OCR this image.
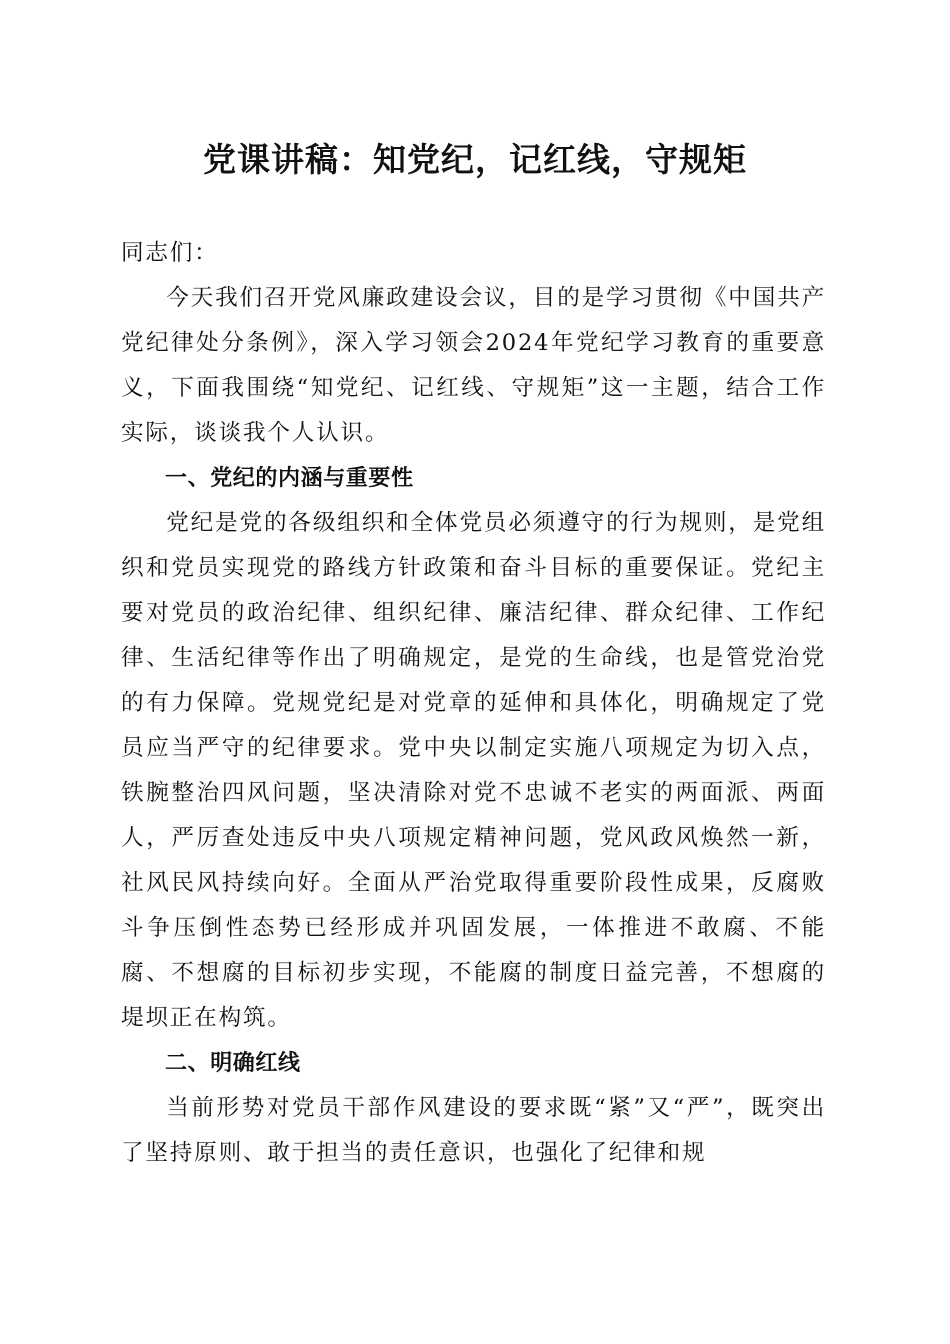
党课讲稿：知党纪，记红线，守规矩

同志们：

今天我们召开党风廉政建设会议，目的是学习贯彻《中国共产党纪律处分条例》，深入学习领会2024年党纪学习教育的重要意义，下面我围绕“知党纪、记红线、守规矩”这一主题，结合工作实际，谈谈我个人认识。

一、党纪的内涵与重要性

党纪是党的各级组织和全体党员必须遵守的行为规则，是党组织和党员实现党的路线方针政策和奋斗目标的重要保证。党纪主要对党员的政治纪律、组织纪律、廉洁纪律、群众纪律、工作纪律、生活纪律等作出了明确规定，是党的生命线，也是管党治党的有力保障。党规党纪是对党章的延伸和具体化，明确规定了党员应当严守的纪律要求。党中央以制定实施八项规定为切入点，铁腕整治四风问题，坚决清除对党不忠诚不老实的两面派、两面人，严厉查处违反中央八项规定精神问题，党风政风焕然一新，社风民风持续向好。全面从严治党取得重要阶段性成果，反腐败斗争压倒性态势已经形成并巩固发展，一体推进不敢腐、不能腐、不想腐的目标初步实现，不能腐的制度日益完善，不想腐的堤坝正在构筑。

二、明确红线

当前形势对党员干部作风建设的要求既“紧”又“严”，既突出了坚持原则、敢于担当的责任意识，也强化了纪律和规
